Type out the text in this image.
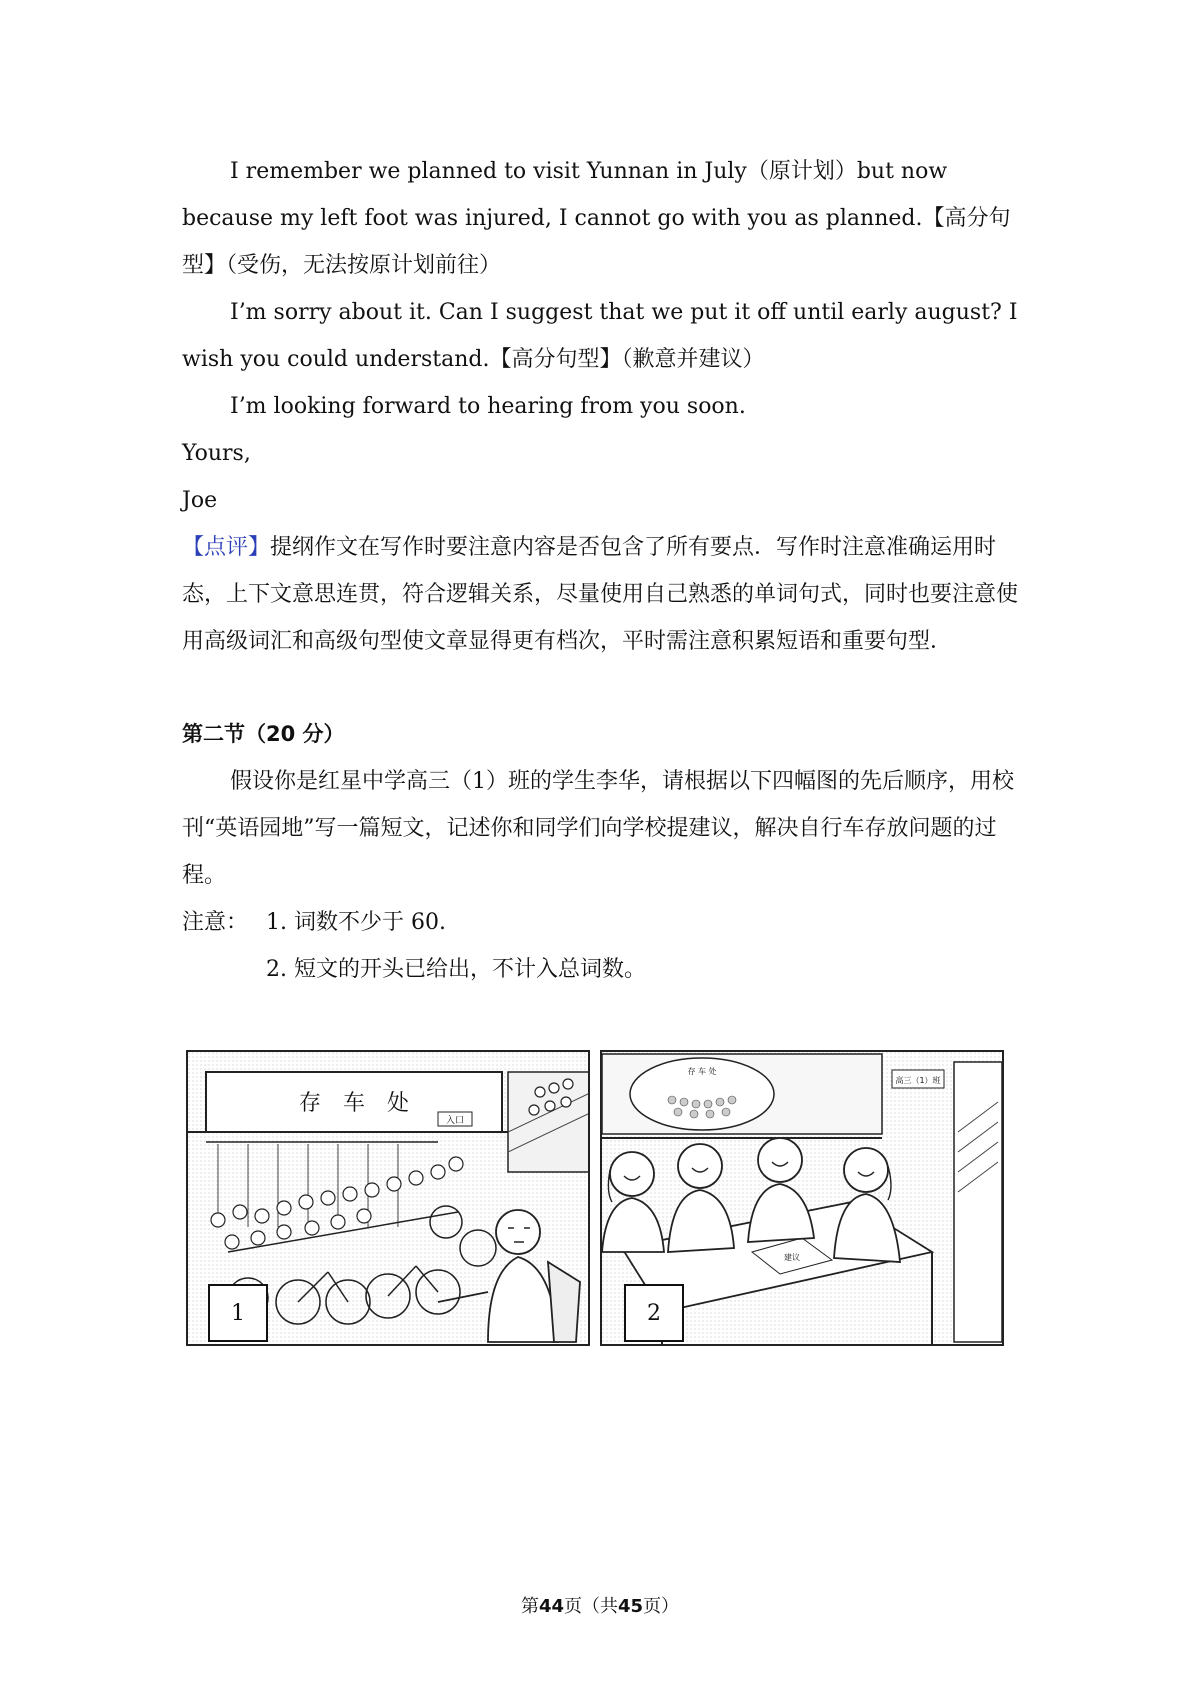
I remember we planned to visit Yunnan in July（原计划）but now because my left foot was injured, I cannot go with you as planned.【高分句型】（受伤，无法按原计划前往）

I’m sorry about it. Can I suggest that we put it off until early august? I wish you could understand.【高分句型】（歉意并建议）

I’m looking forward to hearing from you soon.

Yours,

Joe

【点评】提纲作文在写作时要注意内容是否包含了所有要点．写作时注意准确运用时态，上下文意思连贯，符合逻辑关系，尽量使用自己熟悉的单词句式，同时也要注意使用高级词汇和高级句型使文章显得更有档次，平时需注意积累短语和重要句型．

第二节（20 分）

假设你是红星中学高三（1）班的学生李华，请根据以下四幅图的先后顺序，用校刊“英语园地”写一篇短文，记述你和同学们向学校提建议，解决自行车存放问题的过程。

注意： 1. 词数不少于 60.

2. 短文的开头已给出，不计入总词数。

存　车　处
入口
1
存 车 处
高三（1）班
建议
2
第44页（共45页）
